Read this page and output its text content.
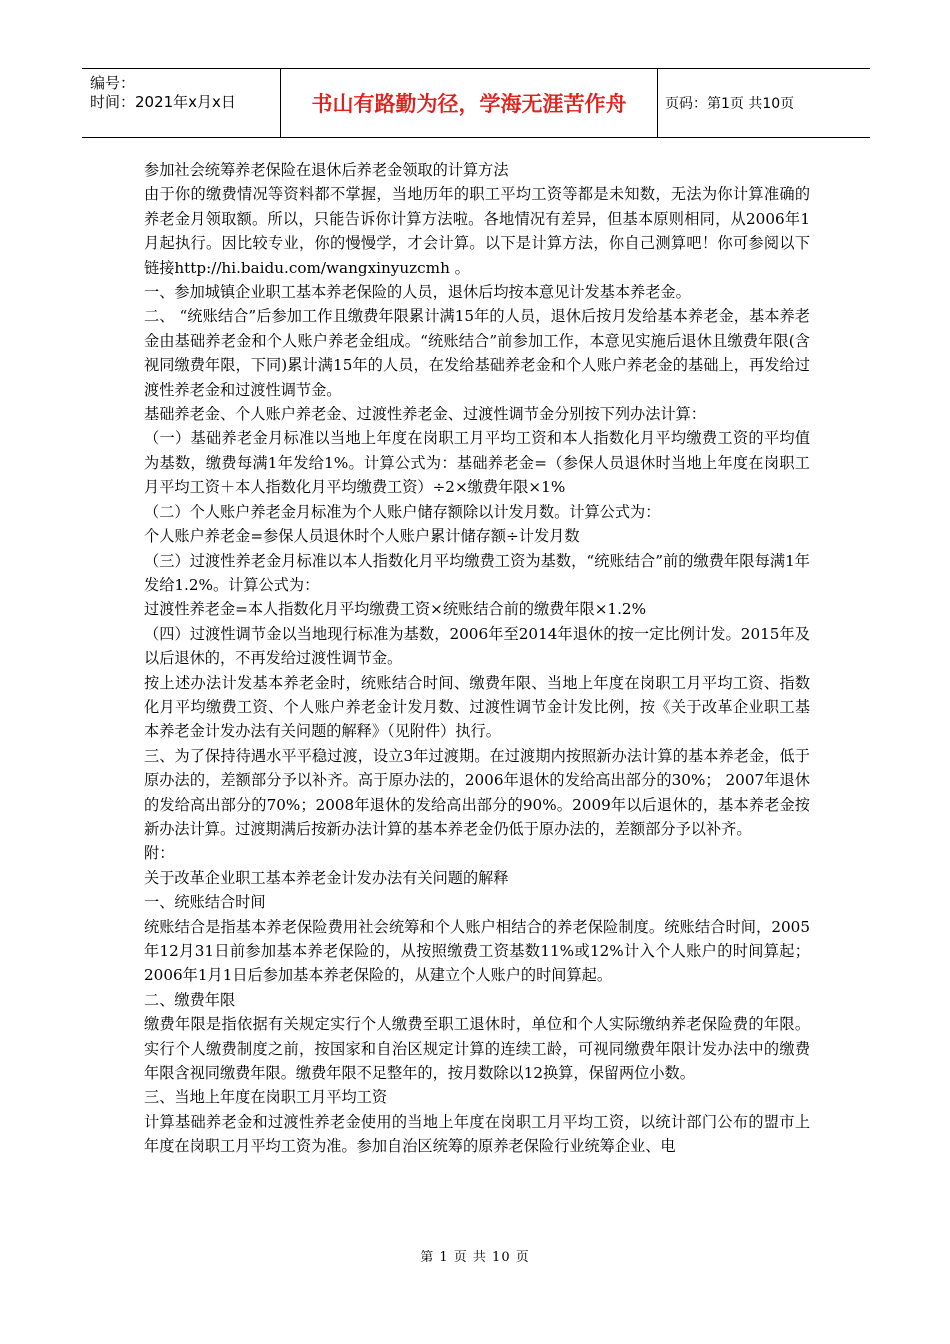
编号：
时间：2021年x月x日	书山有路勤为径，学海无涯苦作舟	页码：第1页 共10页

参加社会统筹养老保险在退休后养老金领取的计算方法

由于你的缴费情况等资料都不掌握，当地历年的职工平均工资等都是未知数，无法为你计算准确的养老金月领取额。所以，只能告诉你计算方法啦。各地情况有差异，但基本原则相同，从2006年1月起执行。因比较专业，你的慢慢学，才会计算。以下是计算方法，你自己测算吧！你可参阅以下链接http://hi.baidu.com/wangxinyuzcmh 。

一、参加城镇企业职工基本养老保险的人员，退休后均按本意见计发基本养老金。

二、 “统账结合”后参加工作且缴费年限累计满15年的人员，退休后按月发给基本养老金，基本养老金由基础养老金和个人账户养老金组成。“统账结合”前参加工作，本意见实施后退休且缴费年限(含视同缴费年限，下同)累计满15年的人员，在发给基础养老金和个人账户养老金的基础上，再发给过渡性养老金和过渡性调节金。

基础养老金、个人账户养老金、过渡性养老金、过渡性调节金分别按下列办法计算：

（一）基础养老金月标准以当地上年度在岗职工月平均工资和本人指数化月平均缴费工资的平均值为基数，缴费每满1年发给1%。计算公式为：基础养老金=（参保人员退休时当地上年度在岗职工月平均工资＋本人指数化月平均缴费工资）÷2×缴费年限×1%

（二）个人账户养老金月标准为个人账户储存额除以计发月数。计算公式为：

个人账户养老金=参保人员退休时个人账户累计储存额÷计发月数

（三）过渡性养老金月标准以本人指数化月平均缴费工资为基数，“统账结合”前的缴费年限每满1年发给1.2%。计算公式为：

过渡性养老金=本人指数化月平均缴费工资×统账结合前的缴费年限×1.2%

（四）过渡性调节金以当地现行标准为基数，2006年至2014年退休的按一定比例计发。2015年及以后退休的，不再发给过渡性调节金。

按上述办法计发基本养老金时，统账结合时间、缴费年限、当地上年度在岗职工月平均工资、指数化月平均缴费工资、个人账户养老金计发月数、过渡性调节金计发比例，按《关于改革企业职工基本养老金计发办法有关问题的解释》（见附件）执行。

三、为了保持待遇水平平稳过渡，设立3年过渡期。在过渡期内按照新办法计算的基本养老金，低于原办法的，差额部分予以补齐。高于原办法的，2006年退休的发给高出部分的30%； 2007年退休的发给高出部分的70%；2008年退休的发给高出部分的90%。2009年以后退休的，基本养老金按新办法计算。过渡期满后按新办法计算的基本养老金仍低于原办法的，差额部分予以补齐。

附：

关于改革企业职工基本养老金计发办法有关问题的解释

一、统账结合时间

统账结合是指基本养老保险费用社会统筹和个人账户相结合的养老保险制度。统账结合时间，2005年12月31日前参加基本养老保险的，从按照缴费工资基数11%或12%计入个人账户的时间算起；2006年1月1日后参加基本养老保险的，从建立个人账户的时间算起。

二、缴费年限

缴费年限是指依据有关规定实行个人缴费至职工退休时，单位和个人实际缴纳养老保险费的年限。实行个人缴费制度之前，按国家和自治区规定计算的连续工龄，可视同缴费年限计发办法中的缴费年限含视同缴费年限。缴费年限不足整年的，按月数除以12换算，保留两位小数。

三、当地上年度在岗职工月平均工资

计算基础养老金和过渡性养老金使用的当地上年度在岗职工月平均工资，以统计部门公布的盟市上年度在岗职工月平均工资为准。参加自治区统筹的原养老保险行业统筹企业、电

第 1 页 共 10 页
